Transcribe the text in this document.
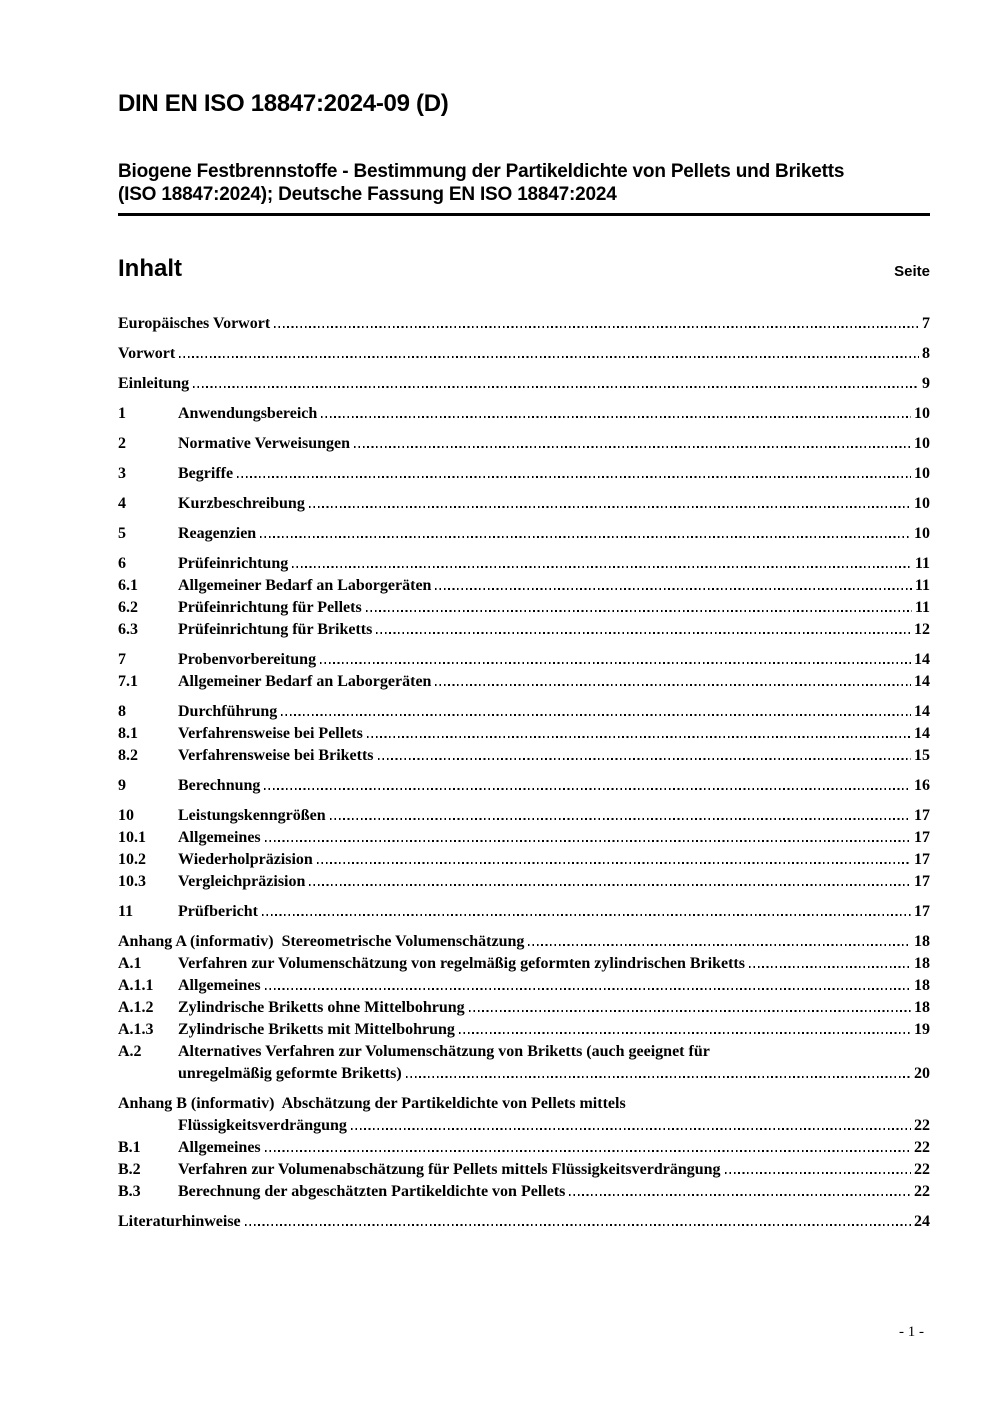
DIN EN ISO 18847:2024-09 (D)
Biogene Festbrennstoffe - Bestimmung der Partikeldichte von Pellets und Briketts
(ISO 18847:2024); Deutsche Fassung EN ISO 18847:2024
Inhalt	Seite
Europäisches Vorwort	7
Vorwort	8
Einleitung	9
1	Anwendungsbereich	10
2	Normative Verweisungen	10
3	Begriffe	10
4	Kurzbeschreibung	10
5	Reagenzien	10
6	Prüfeinrichtung	11
6.1	Allgemeiner Bedarf an Laborgeräten	11
6.2	Prüfeinrichtung für Pellets	11
6.3	Prüfeinrichtung für Briketts	12
7	Probenvorbereitung	14
7.1	Allgemeiner Bedarf an Laborgeräten	14
8	Durchführung	14
8.1	Verfahrensweise bei Pellets	14
8.2	Verfahrensweise bei Briketts	15
9	Berechnung	16
10	Leistungskenngrößen	17
10.1	Allgemeines	17
10.2	Wiederholpräzision	17
10.3	Vergleichpräzision	17
11	Prüfbericht	17
Anhang A (informativ)  Stereometrische Volumenschätzung	18
A.1	Verfahren zur Volumenschätzung von regelmäßig geformten zylindrischen Briketts	18
A.1.1	Allgemeines	18
A.1.2	Zylindrische Briketts ohne Mittelbohrung	18
A.1.3	Zylindrische Briketts mit Mittelbohrung	19
A.2	Alternatives Verfahren zur Volumenschätzung von Briketts (auch geeignet für
unregelmäßig geformte Briketts)	20
Anhang B (informativ)  Abschätzung der Partikeldichte von Pellets mittels
Flüssigkeitsverdrängung	22
B.1	Allgemeines	22
B.2	Verfahren zur Volumenabschätzung für Pellets mittels Flüssigkeitsverdrängung	22
B.3	Berechnung der abgeschätzten Partikeldichte von Pellets	22
Literaturhinweise	24
- 1 -
